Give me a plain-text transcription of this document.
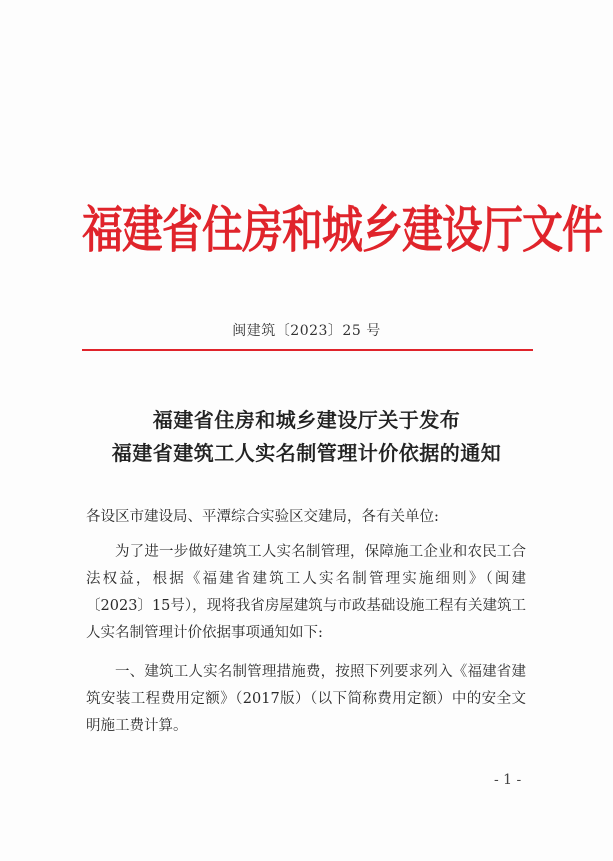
福建省住房和城乡建设厅文件
闽建筑〔2023〕25 号
福建省住房和城乡建设厅关于发布
福建省建筑工人实名制管理计价依据的通知
各设区市建设局、平潭综合实验区交建局，各有关单位:
为了进一步做好建筑工人实名制管理，保障施工企业和农民工合法权益，根据《福建省建筑工人实名制管理实施细则》（闽建〔2023〕15号），现将我省房屋建筑与市政基础设施工程有关建筑工人实名制管理计价依据事项通知如下:
一、建筑工人实名制管理措施费，按照下列要求列入《福建省建筑安装工程费用定额》（2017版）（以下简称费用定额）中的安全文明施工费计算。
- 1 -
